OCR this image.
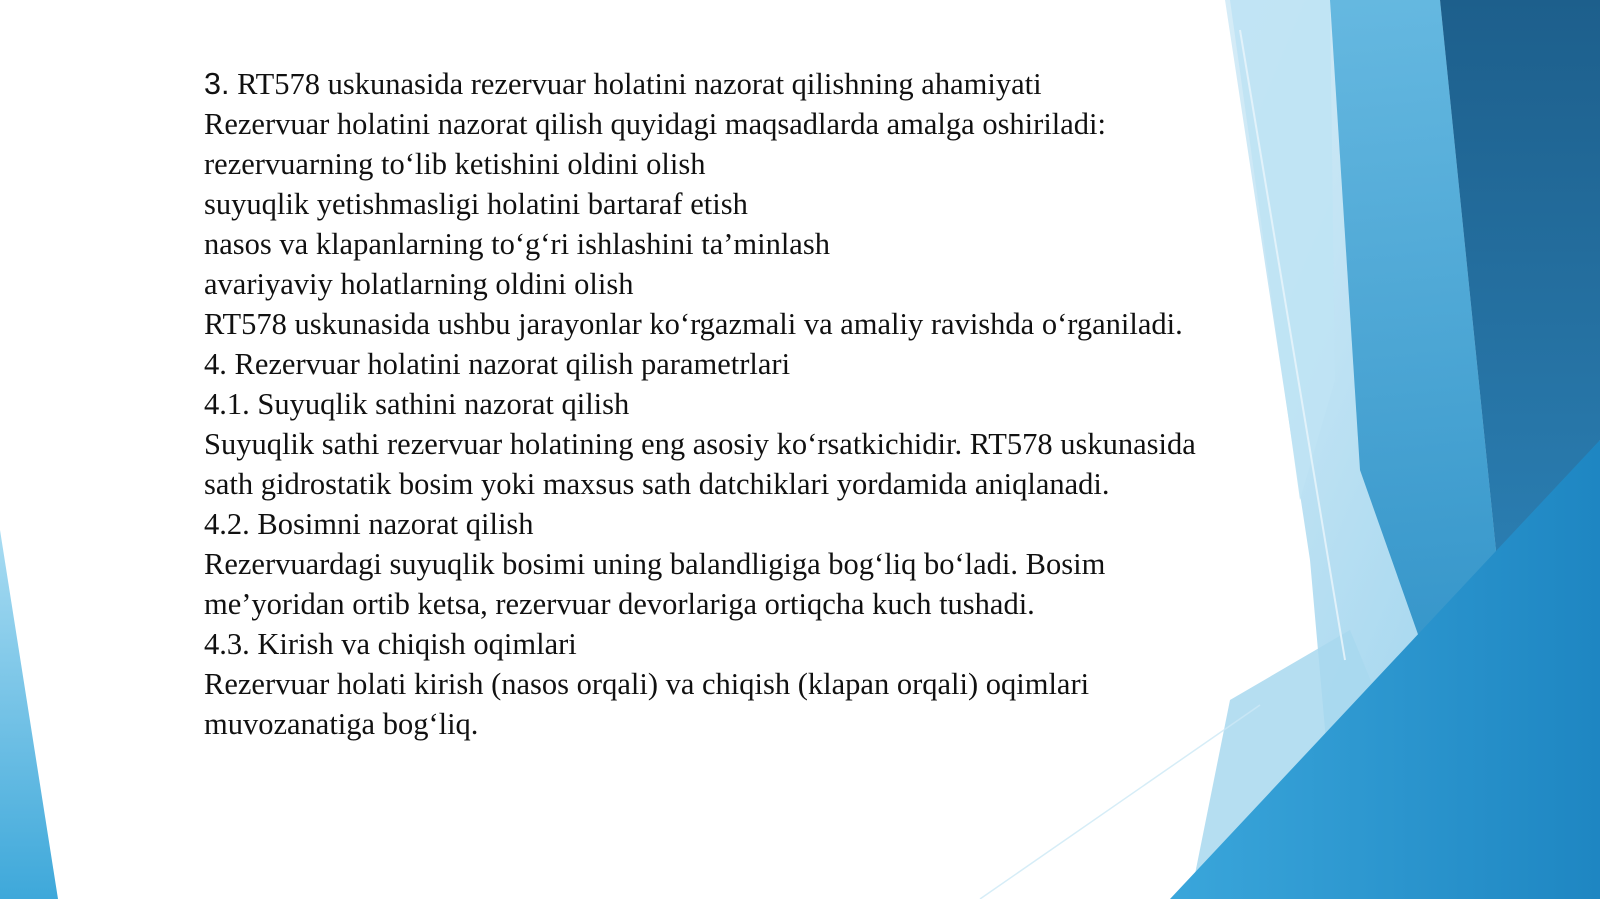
3. RT578 uskunasida rezervuar holatini nazorat qilishning ahamiyati
Rezervuar holatini nazorat qilish quyidagi maqsadlarda amalga oshiriladi:
rezervuarning to‘lib ketishini oldini olish
suyuqlik yetishmasligi holatini bartaraf etish
nasos va klapanlarning to‘g‘ri ishlashini ta’minlash
avariyaviy holatlarning oldini olish
RT578 uskunasida ushbu jarayonlar ko‘rgazmali va amaliy ravishda o‘rganiladi.
4. Rezervuar holatini nazorat qilish parametrlari
4.1. Suyuqlik sathini nazorat qilish
Suyuqlik sathi rezervuar holatining eng asosiy ko‘rsatkichidir. RT578 uskunasida
sath gidrostatik bosim yoki maxsus sath datchiklari yordamida aniqlanadi.
4.2. Bosimni nazorat qilish
Rezervuardagi suyuqlik bosimi uning balandligiga bog‘liq bo‘ladi. Bosim
me’yoridan ortib ketsa, rezervuar devorlariga ortiqcha kuch tushadi.
4.3. Kirish va chiqish oqimlari
Rezervuar holati kirish (nasos orqali) va chiqish (klapan orqali) oqimlari
muvozanatiga bog‘liq.
